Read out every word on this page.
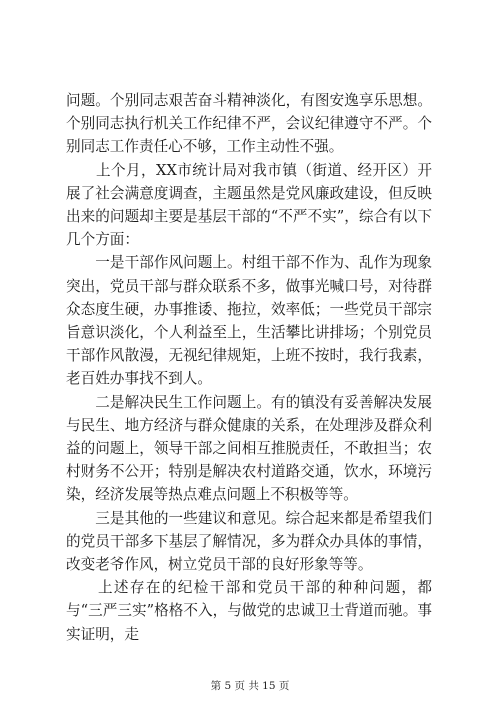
问题。个别同志艰苦奋斗精神淡化，有图安逸享乐思想。个别同志执行机关工作纪律不严，会议纪律遵守不严。个别同志工作责任心不够，工作主动性不强。

　　上个月，XX市统计局对我市镇（街道、经开区）开展了社会满意度调查，主题虽然是党风廉政建设，但反映出来的问题却主要是基层干部的“不严不实”，综合有以下几个方面：

　　一是干部作风问题上。村组干部不作为、乱作为现象突出，党员干部与群众联系不多，做事光喊口号，对待群众态度生硬，办事推诿、拖拉，效率低；一些党员干部宗旨意识淡化，个人利益至上，生活攀比讲排场；个别党员干部作风散漫，无视纪律规矩，上班不按时，我行我素，老百姓办事找不到人。

　　二是解决民生工作问题上。有的镇没有妥善解决发展与民生、地方经济与群众健康的关系，在处理涉及群众利益的问题上，领导干部之间相互推脱责任，不敢担当；农村财务不公开；特别是解决农村道路交通，饮水，环境污染，经济发展等热点难点问题上不积极等等。

　　三是其他的一些建议和意见。综合起来都是希望我们的党员干部多下基层了解情况，多为群众办具体的事情，改变老爷作风，树立党员干部的良好形象等等。

　　上述存在的纪检干部和党员干部的种种问题，都与“三严三实”格格不入，与做党的忠诚卫士背道而驰。事实证明，走

第 5 页 共 15 页
